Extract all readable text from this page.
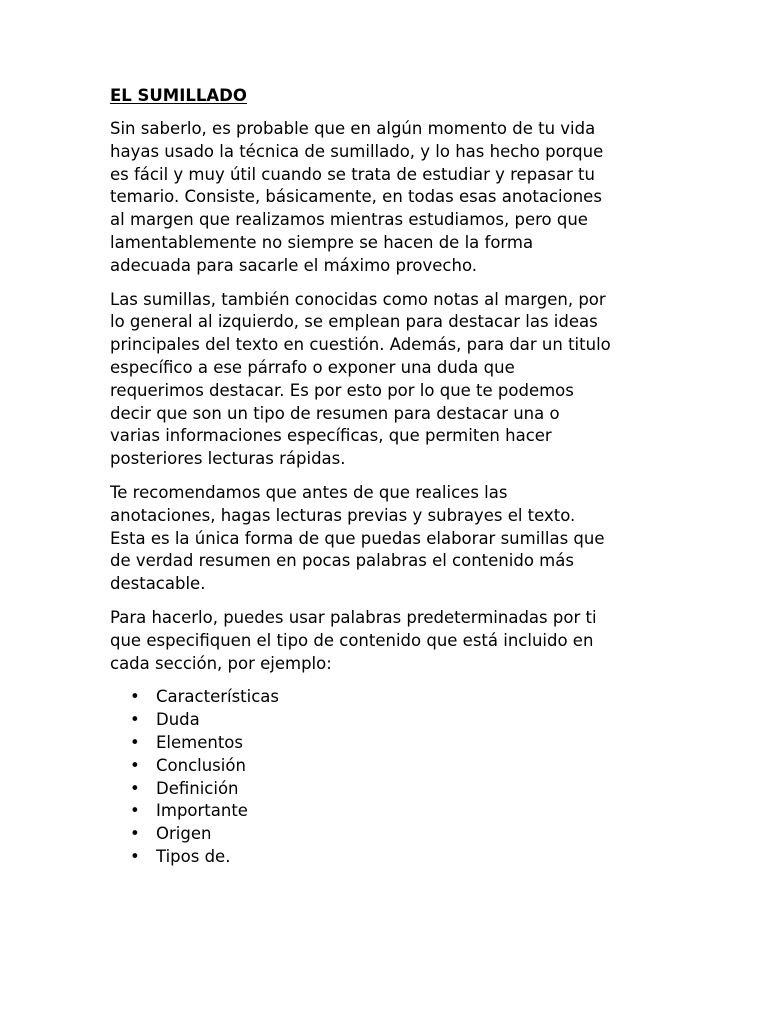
EL SUMILLADO

Sin saberlo, es probable que en algún momento de tu vida
hayas usado la técnica de sumillado, y lo has hecho porque
es fácil y muy útil cuando se trata de estudiar y repasar tu
temario. Consiste, básicamente, en todas esas anotaciones
al margen que realizamos mientras estudiamos, pero que
lamentablemente no siempre se hacen de la forma
adecuada para sacarle el máximo provecho.

Las sumillas, también conocidas como notas al margen, por
lo general al izquierdo, se emplean para destacar las ideas
principales del texto en cuestión. Además, para dar un titulo
específico a ese párrafo o exponer una duda que
requerimos destacar. Es por esto por lo que te podemos
decir que son un tipo de resumen para destacar una o
varias informaciones específicas, que permiten hacer
posteriores lecturas rápidas.

Te recomendamos que antes de que realices las
anotaciones, hagas lecturas previas y subrayes el texto.
Esta es la única forma de que puedas elaborar sumillas que
de verdad resumen en pocas palabras el contenido más
destacable.

Para hacerlo, puedes usar palabras predeterminadas por ti
que especifiquen el tipo de contenido que está incluido en
cada sección, por ejemplo:

• Características
• Duda
• Elementos
• Conclusión
• Definición
• Importante
• Origen
• Tipos de.
